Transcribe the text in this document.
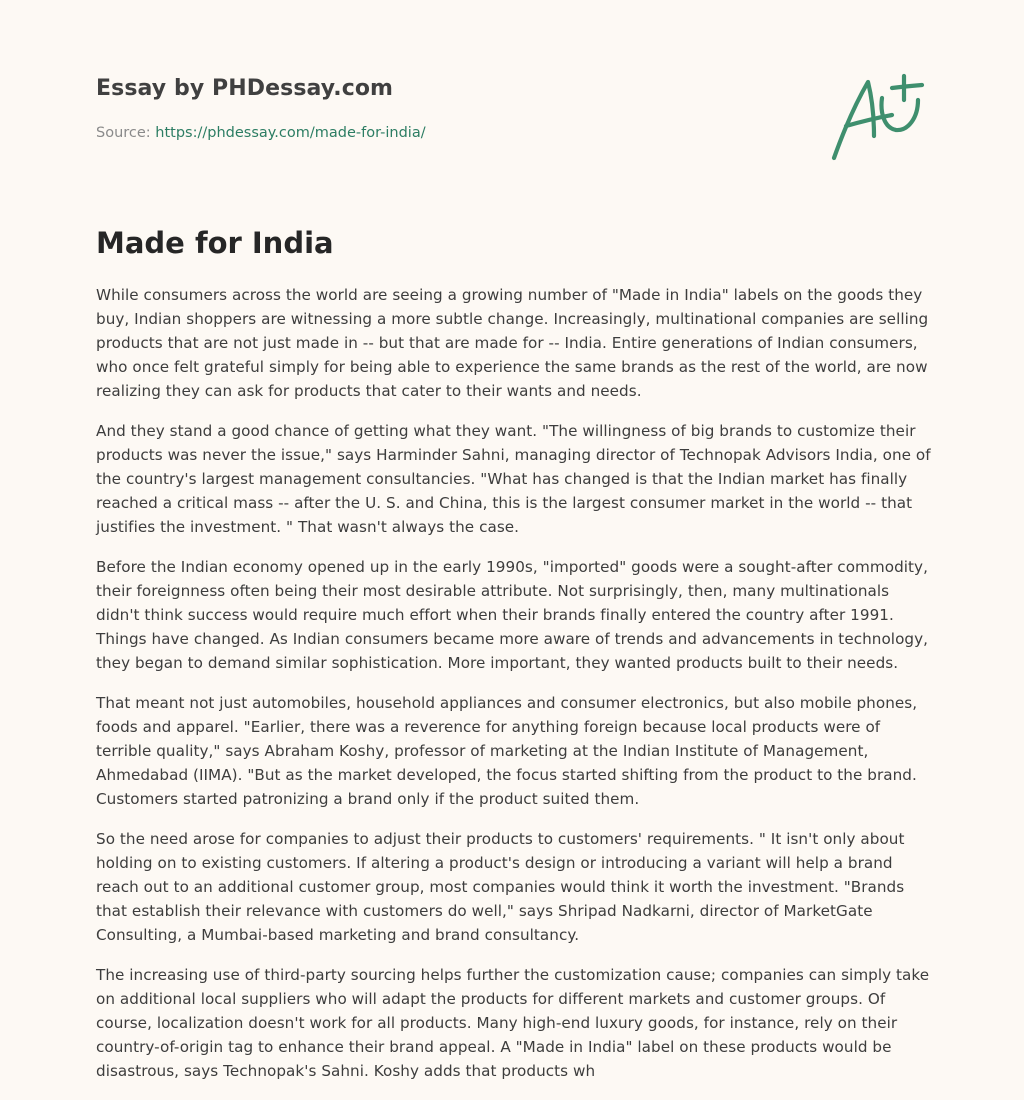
Essay by PHDessay.com

Source: https://phdessay.com/made-for-india/

Made for India

While consumers across the world are seeing a growing number of "Made in India" labels on the goods they buy, Indian shoppers are witnessing a more subtle change. Increasingly, multinational companies are selling products that are not just made in -- but that are made for -- India. Entire generations of Indian consumers, who once felt grateful simply for being able to experience the same brands as the rest of the world, are now realizing they can ask for products that cater to their wants and needs.

And they stand a good chance of getting what they want. "The willingness of big brands to customize their products was never the issue," says Harminder Sahni, managing director of Technopak Advisors India, one of the country's largest management consultancies. "What has changed is that the Indian market has finally reached a critical mass -- after the U. S. and China, this is the largest consumer market in the world -- that justifies the investment. " That wasn't always the case.

Before the Indian economy opened up in the early 1990s, "imported" goods were a sought-after commodity, their foreignness often being their most desirable attribute. Not surprisingly, then, many multinationals didn't think success would require much effort when their brands finally entered the country after 1991. Things have changed. As Indian consumers became more aware of trends and advancements in technology, they began to demand similar sophistication. More important, they wanted products built to their needs.

That meant not just automobiles, household appliances and consumer electronics, but also mobile phones, foods and apparel. "Earlier, there was a reverence for anything foreign because local products were of terrible quality," says Abraham Koshy, professor of marketing at the Indian Institute of Management, Ahmedabad (IIMA). "But as the market developed, the focus started shifting from the product to the brand. Customers started patronizing a brand only if the product suited them.

So the need arose for companies to adjust their products to customers' requirements. " It isn't only about holding on to existing customers. If altering a product's design or introducing a variant will help a brand reach out to an additional customer group, most companies would think it worth the investment. "Brands that establish their relevance with customers do well," says Shripad Nadkarni, director of MarketGate Consulting, a Mumbai-based marketing and brand consultancy.

The increasing use of third-party sourcing helps further the customization cause; companies can simply take on additional local suppliers who will adapt the products for different markets and customer groups. Of course, localization doesn't work for all products. Many high-end luxury goods, for instance, rely on their country-of-origin tag to enhance their brand appeal. A "Made in India" label on these products would be disastrous, says Technopak's Sahni. Koshy adds that products wh
